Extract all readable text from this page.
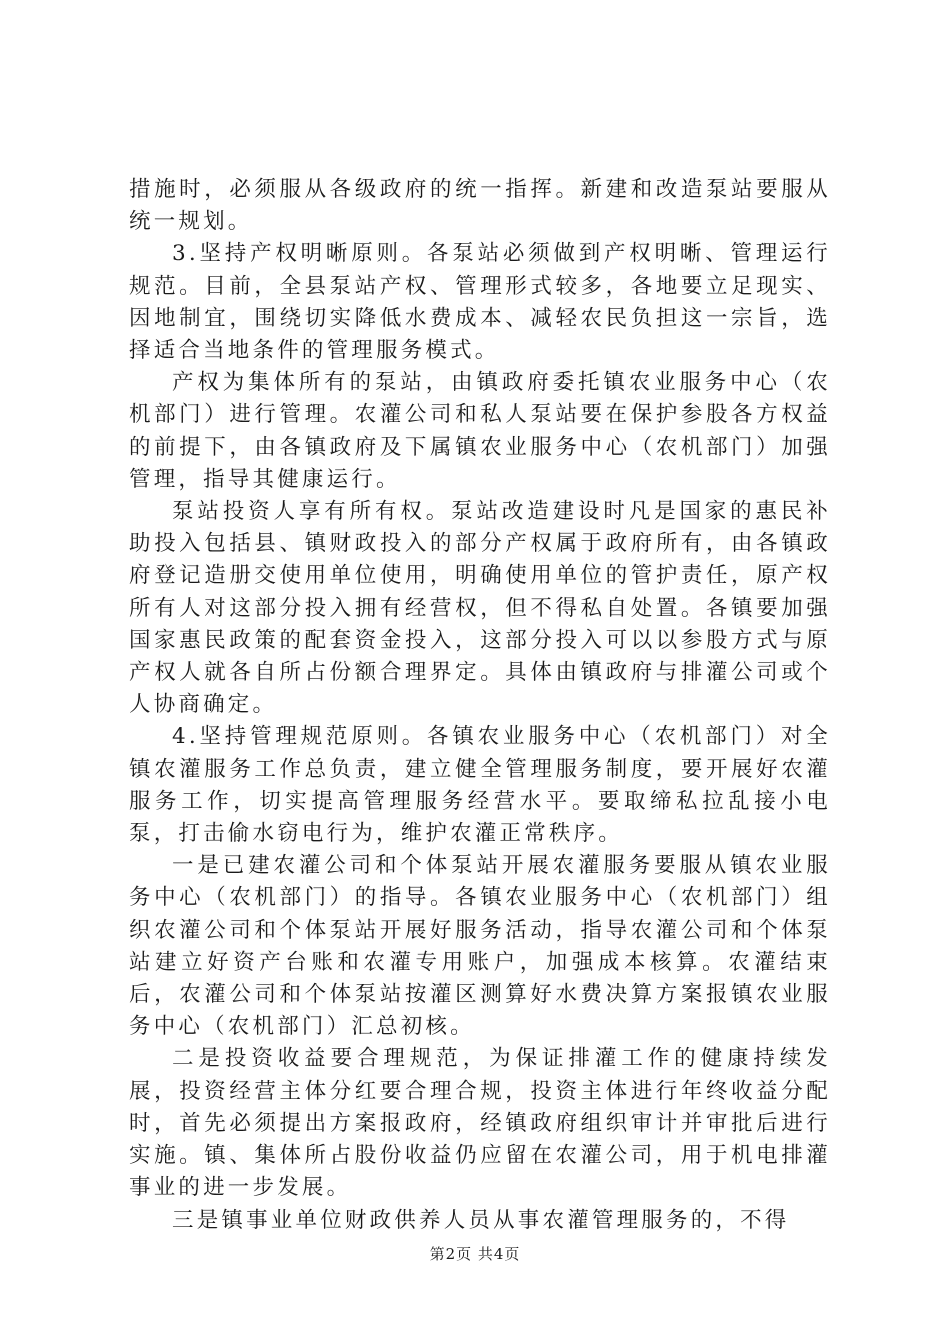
措施时，必须服从各级政府的统一指挥。新建和改造泵站要服从统一规划。

3.坚持产权明晰原则。各泵站必须做到产权明晰、管理运行规范。目前，全县泵站产权、管理形式较多，各地要立足现实、因地制宜，围绕切实降低水费成本、减轻农民负担这一宗旨，选择适合当地条件的管理服务模式。

产权为集体所有的泵站，由镇政府委托镇农业服务中心（农机部门）进行管理。农灌公司和私人泵站要在保护参股各方权益的前提下，由各镇政府及下属镇农业服务中心（农机部门）加强管理，指导其健康运行。

泵站投资人享有所有权。泵站改造建设时凡是国家的惠民补助投入包括县、镇财政投入的部分产权属于政府所有，由各镇政府登记造册交使用单位使用，明确使用单位的管护责任，原产权所有人对这部分投入拥有经营权，但不得私自处置。各镇要加强国家惠民政策的配套资金投入，这部分投入可以以参股方式与原产权人就各自所占份额合理界定。具体由镇政府与排灌公司或个人协商确定。

4.坚持管理规范原则。各镇农业服务中心（农机部门）对全镇农灌服务工作总负责，建立健全管理服务制度，要开展好农灌服务工作，切实提高管理服务经营水平。要取缔私拉乱接小电泵，打击偷水窃电行为，维护农灌正常秩序。

一是已建农灌公司和个体泵站开展农灌服务要服从镇农业服务中心（农机部门）的指导。各镇农业服务中心（农机部门）组织农灌公司和个体泵站开展好服务活动，指导农灌公司和个体泵站建立好资产台账和农灌专用账户，加强成本核算。农灌结束后，农灌公司和个体泵站按灌区测算好水费决算方案报镇农业服务中心（农机部门）汇总初核。

二是投资收益要合理规范，为保证排灌工作的健康持续发展，投资经营主体分红要合理合规，投资主体进行年终收益分配时，首先必须提出方案报政府，经镇政府组织审计并审批后进行实施。镇、集体所占股份收益仍应留在农灌公司，用于机电排灌事业的进一步发展。

三是镇事业单位财政供养人员从事农灌管理服务的，不得

第2页 共4页
